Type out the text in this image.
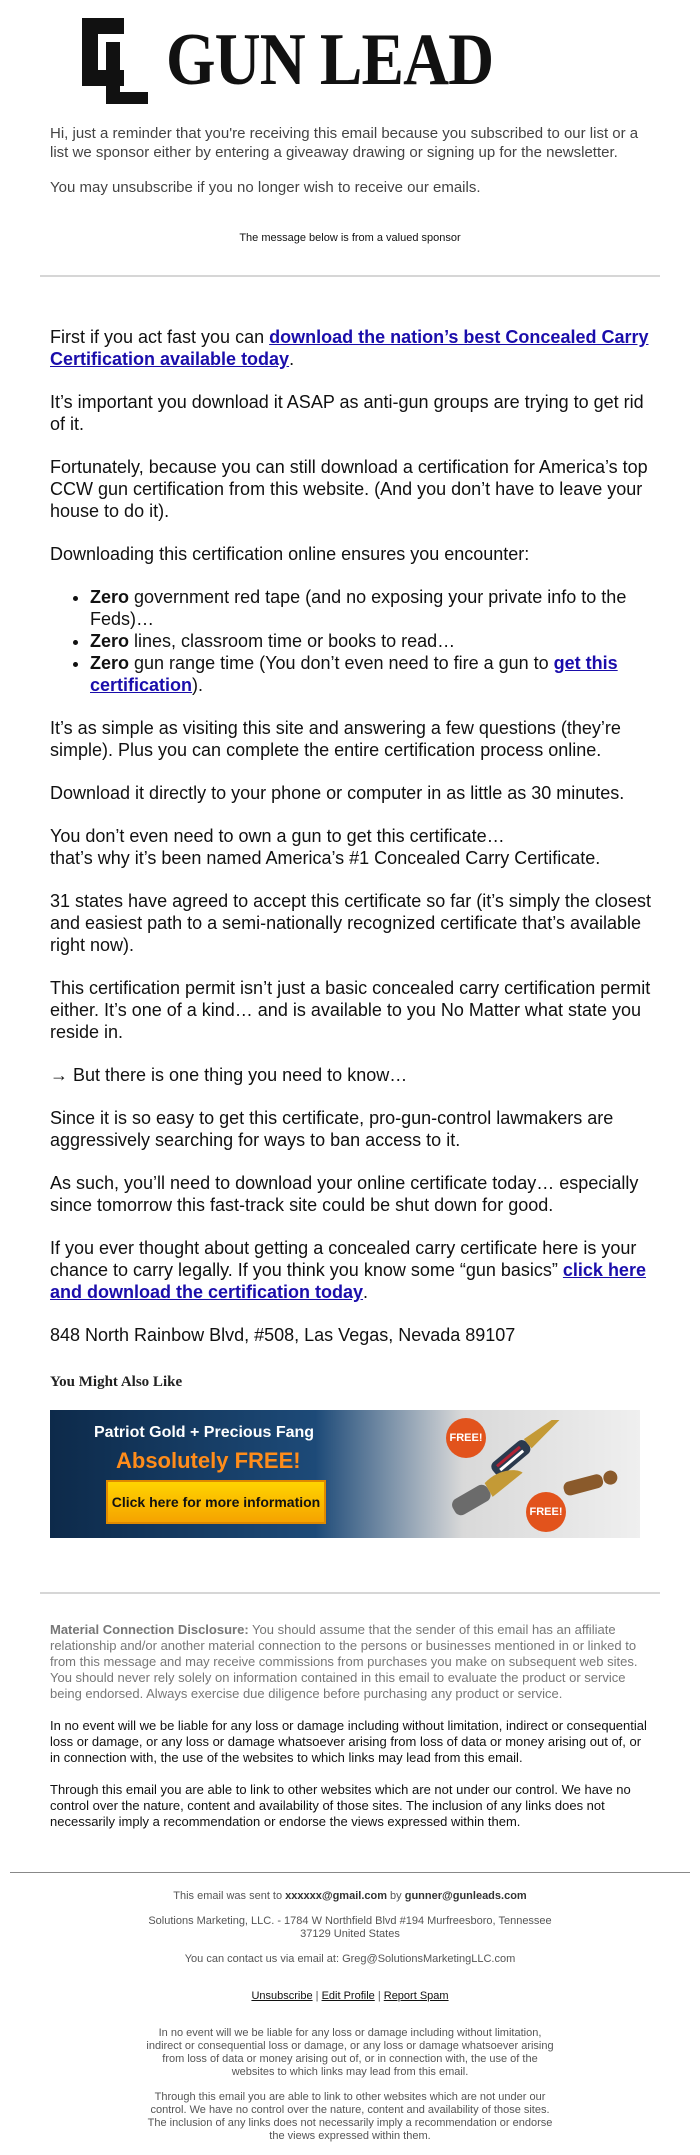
GUN LEAD

Hi, just a reminder that you're receiving this email because you subscribed to our list or a list we sponsor either by entering a giveaway drawing or signing up for the newsletter.

You may unsubscribe if you no longer wish to receive our emails.

The message below is from a valued sponsor

First if you act fast you can download the nation’s best Concealed Carry Certification available today.

It’s important you download it ASAP as anti-gun groups are trying to get rid of it.

Fortunately, because you can still download a certification for America’s top CCW gun certification from this website. (And you don’t have to leave your house to do it).

Downloading this certification online ensures you encounter:

• Zero government red tape (and no exposing your private info to the Feds)…
• Zero lines, classroom time or books to read…
• Zero gun range time (You don’t even need to fire a gun to get this certification).

It’s as simple as visiting this site and answering a few questions (they’re simple). Plus you can complete the entire certification process online.

Download it directly to your phone or computer in as little as 30 minutes.

You don’t even need to own a gun to get this certificate…
that’s why it’s been named America’s #1 Concealed Carry Certificate.

31 states have agreed to accept this certificate so far (it’s simply the closest and easiest path to a semi-nationally recognized certificate that’s available right now).

This certification permit isn’t just a basic concealed carry certification permit either. It’s one of a kind… and is available to you No Matter what state you reside in.

→ But there is one thing you need to know…

Since it is so easy to get this certificate, pro-gun-control lawmakers are aggressively searching for ways to ban access to it.

As such, you’ll need to download your online certificate today… especially since tomorrow this fast-track site could be shut down for good.

If you ever thought about getting a concealed carry certificate here is your chance to carry legally. If you think you know some “gun basics” click here and download the certification today.

848 North Rainbow Blvd, #508, Las Vegas, Nevada 89107

You Might Also Like
Patriot Gold + Precious Fang
Absolutely FREE!
Click here for more information
FREE!
FREE!

Material Connection Disclosure: You should assume that the sender of this email has an affiliate relationship and/or another material connection to the persons or businesses mentioned in or linked to from this message and may receive commissions from purchases you make on subsequent web sites. You should never rely solely on information contained in this email to evaluate the product or service being endorsed. Always exercise due diligence before purchasing any product or service.

In no event will we be liable for any loss or damage including without limitation, indirect or consequential loss or damage, or any loss or damage whatsoever arising from loss of data or money arising out of, or in connection with, the use of the websites to which links may lead from this email.

Through this email you are able to link to other websites which are not under our control. We have no control over the nature, content and availability of those sites. The inclusion of any links does not necessarily imply a recommendation or endorse the views expressed within them.

This email was sent to xxxxxx@gmail.com by gunner@gunleads.com

Solutions Marketing, LLC. - 1784 W Northfield Blvd #194 Murfreesboro, Tennessee 37129 United States

You can contact us via email at: Greg@SolutionsMarketingLLC.com

Unsubscribe | Edit Profile | Report Spam

In no event will we be liable for any loss or damage including without limitation, indirect or consequential loss or damage, or any loss or damage whatsoever arising from loss of data or money arising out of, or in connection with, the use of the websites to which links may lead from this email.

Through this email you are able to link to other websites which are not under our control. We have no control over the nature, content and availability of those sites. The inclusion of any links does not necessarily imply a recommendation or endorse the views expressed within them.
